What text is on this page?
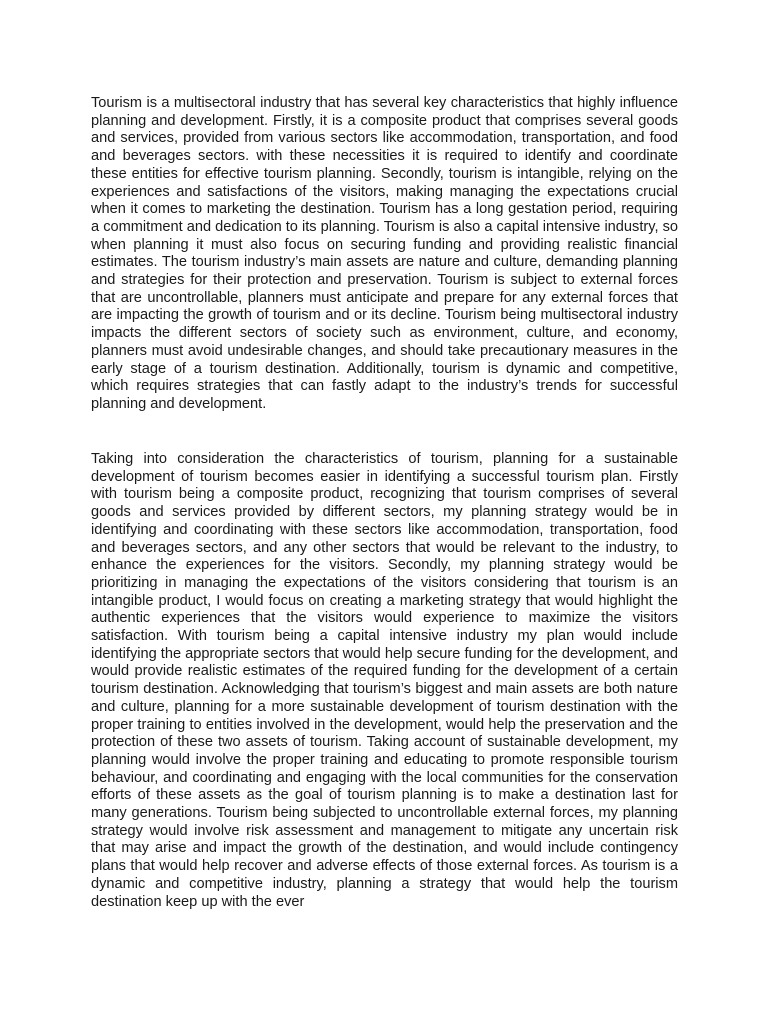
Tourism is a multisectoral industry that has several key characteristics that highly influence planning and development. Firstly, it is a composite product that comprises several goods and services, provided from various sectors like accommodation, transportation, and food and beverages sectors. with these necessities it is required to identify and coordinate these entities for effective tourism planning. Secondly, tourism is intangible, relying on the experiences and satisfactions of the visitors, making managing the expectations crucial when it comes to marketing the destination. Tourism has a long gestation period, requiring a commitment and dedication to its planning. Tourism is also a capital intensive industry, so when planning it must also focus on securing funding and providing realistic financial estimates. The tourism industry’s main assets are nature and culture, demanding planning and strategies for their protection and preservation. Tourism is subject to external forces that are uncontrollable, planners must anticipate and prepare for any external forces that are impacting the growth of tourism and or its decline. Tourism being multisectoral industry impacts the different sectors of society such as environment, culture, and economy, planners must avoid undesirable changes, and should take precautionary measures in the early stage of a tourism destination. Additionally, tourism is dynamic and competitive, which requires strategies that can fastly adapt to the industry’s trends for successful planning and development.

Taking into consideration the characteristics of tourism, planning for a sustainable development of tourism becomes easier in identifying a successful tourism plan. Firstly with tourism being a composite product, recognizing that tourism comprises of several goods and services provided by different sectors, my planning strategy would be in identifying and coordinating with these sectors like accommodation, transportation, food and beverages sectors, and any other sectors that would be relevant to the industry, to enhance the experiences for the visitors. Secondly, my planning strategy would be prioritizing in managing the expectations of the visitors considering that tourism is an intangible product, I would focus on creating a marketing strategy that would highlight the authentic experiences that the visitors would experience to maximize the visitors satisfaction. With tourism being a capital intensive industry my plan would include identifying the appropriate sectors that would help secure funding for the development, and would provide realistic estimates of the required funding for the development of a certain tourism destination. Acknowledging that tourism’s biggest and main assets are both nature and culture, planning for a more sustainable development of tourism destination with the proper training to entities involved in the development, would help the preservation and the protection of these two assets of tourism. Taking account of sustainable development, my planning would involve the proper training and educating to promote responsible tourism behaviour, and coordinating and engaging with the local communities for the conservation efforts of these assets as the goal of tourism planning is to make a destination last for many generations. Tourism being subjected to uncontrollable external forces, my planning strategy would involve risk assessment and management to mitigate any uncertain risk that may arise and impact the growth of the destination, and would include contingency plans that would help recover and adverse effects of those external forces. As tourism is a dynamic and competitive industry, planning a strategy that would help the tourism destination keep up with the ever
